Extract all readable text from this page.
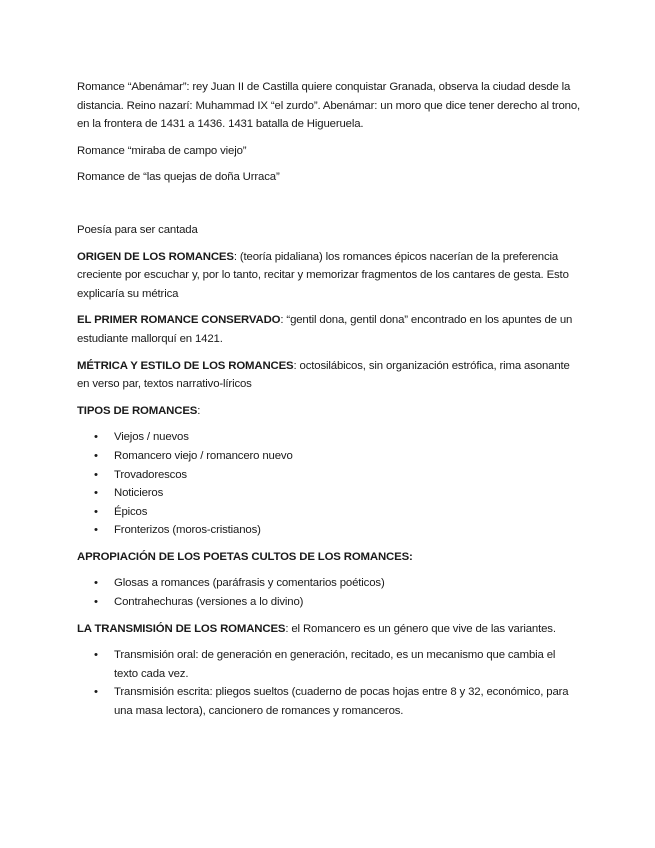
Romance “Abenámar”: rey Juan II de Castilla quiere conquistar Granada, observa la ciudad desde la distancia. Reino nazarí: Muhammad IX “el zurdo”. Abenámar: un moro que dice tener derecho al trono, en la frontera de 1431 a 1436. 1431 batalla de Higueruela.

Romance “miraba de campo viejo”

Romance de “las quejas de doña Urraca”

Poesía para ser cantada

ORIGEN DE LOS ROMANCES: (teoría pidaliana) los romances épicos nacerían de la preferencia creciente por escuchar y, por lo tanto, recitar y memorizar fragmentos de los cantares de gesta. Esto explicaría su métrica

EL PRIMER ROMANCE CONSERVADO: “gentil dona, gentil dona” encontrado en los apuntes de un estudiante mallorquí en 1421.

MÉTRICA Y ESTILO DE LOS ROMANCES: octosilábicos, sin organización estrófica, rima asonante en verso par, textos narrativo-líricos

TIPOS DE ROMANCES:

•	Viejos / nuevos
•	Romancero viejo / romancero nuevo
•	Trovadorescos
•	Noticieros
•	Épicos
•	Fronterizos (moros-cristianos)

APROPIACIÓN DE LOS POETAS CULTOS DE LOS ROMANCES:

•	Glosas a romances (paráfrasis y comentarios poéticos)
•	Contrahechuras (versiones a lo divino)

LA TRANSMISIÓN DE LOS ROMANCES: el Romancero es un género que vive de las variantes.

•	Transmisión oral: de generación en generación, recitado, es un mecanismo que cambia el texto cada vez.
•	Transmisión escrita: pliegos sueltos (cuaderno de pocas hojas entre 8 y 32, económico, para una masa lectora), cancionero de romances y romanceros.
